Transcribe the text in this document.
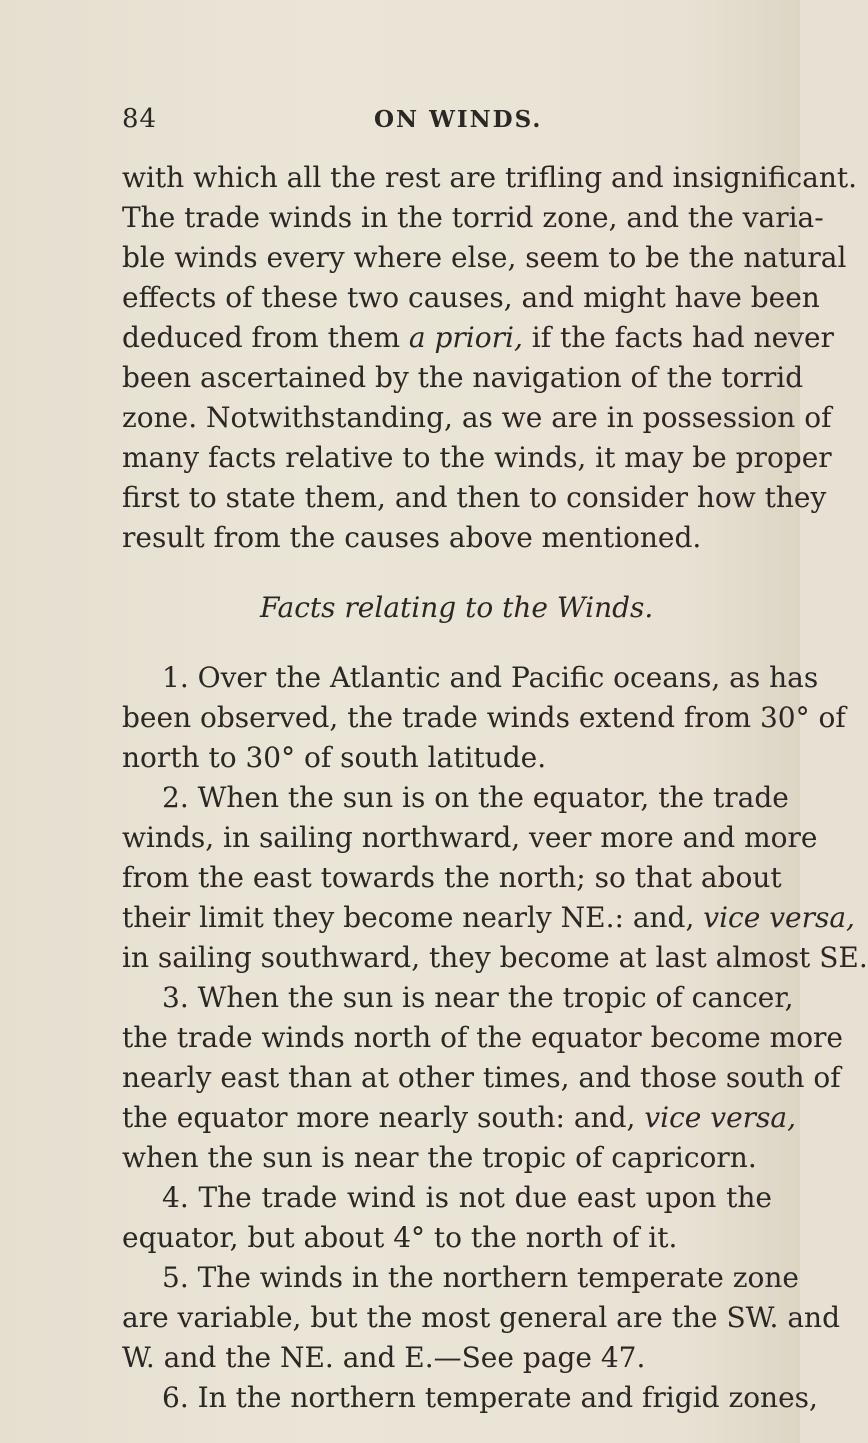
84	ON WINDS.
with which all the rest are trifling and insignificant.
The trade winds in the torrid zone, and the varia-
ble winds every where else, seem to be the natural
effects of these two causes, and might have been
deduced from them a priori, if the facts had never
been ascertained by the navigation of the torrid
zone. Notwithstanding, as we are in possession of
many facts relative to the winds, it may be proper
first to state them, and then to consider how they
result from the causes above mentioned.
Facts relating to the Winds.
1. Over the Atlantic and Pacific oceans, as has
been observed, the trade winds extend from 30° of
north to 30° of south latitude.
2. When the sun is on the equator, the trade
winds, in sailing northward, veer more and more
from the east towards the north; so that about
their limit they become nearly NE.: and, vice versa,
in sailing southward, they become at last almost SE.
3. When the sun is near the tropic of cancer,
the trade winds north of the equator become more
nearly east than at other times, and those south of
the equator more nearly south: and, vice versa,
when the sun is near the tropic of capricorn.
4. The trade wind is not due east upon the
equator, but about 4° to the north of it.
5. The winds in the northern temperate zone
are variable, but the most general are the SW. and
W. and the NE. and E.—See page 47.
6. In the northern temperate and frigid zones,
